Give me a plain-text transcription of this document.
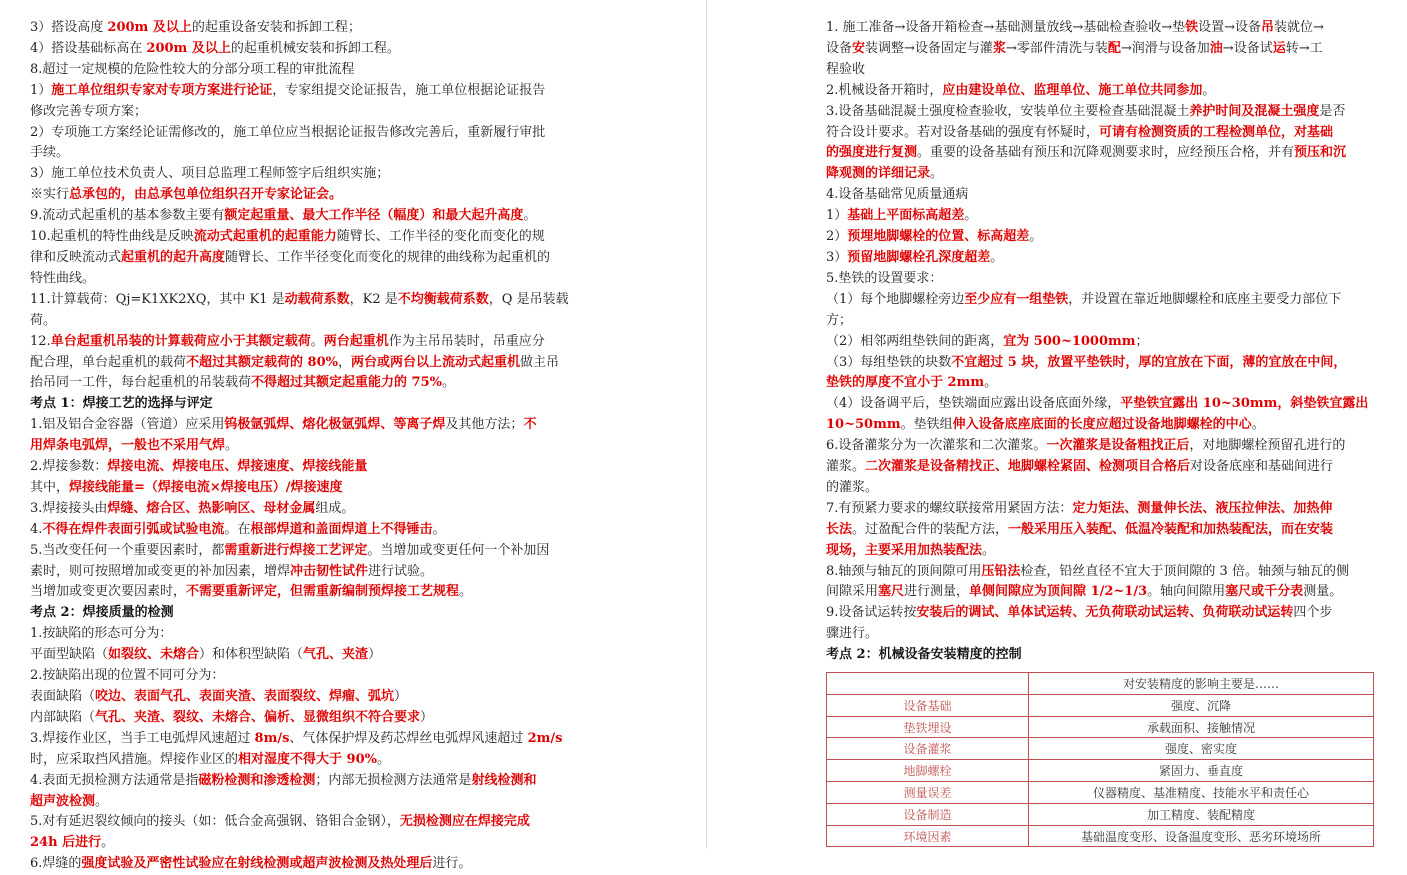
3）搭设高度 200m 及以上的起重设备安装和拆卸工程；
4）搭设基础标高在 200m 及以上的起重机械安装和拆卸工程。
8.超过一定规模的危险性较大的分部分项工程的审批流程
1）施工单位组织专家对专项方案进行论证，专家组提交论证报告，施工单位根据论证报告
修改完善专项方案；
2）专项施工方案经论证需修改的，施工单位应当根据论证报告修改完善后，重新履行审批
手续。
3）施工单位技术负责人、项目总监理工程师签字后组织实施；
※实行总承包的，由总承包单位组织召开专家论证会。
9.流动式起重机的基本参数主要有额定起重量、最大工作半径（幅度）和最大起升高度。
10.起重机的特性曲线是反映流动式起重机的起重能力随臂长、工作半径的变化而变化的规
律和反映流动式起重机的起升高度随臂长、工作半径变化而变化的规律的曲线称为起重机的
特性曲线。
11.计算载荷：Qj=K1XK2XQ，其中 K1 是动载荷系数，K2 是不均衡载荷系数，Q 是吊装载荷。
12.单台起重机吊装的计算载荷应小于其额定载荷。两台起重机作为主吊吊装时，吊重应分
配合理，单台起重机的载荷不超过其额定载荷的 80%，两台或两台以上流动式起重机做主吊
抬吊同一工件，每台起重机的吊装载荷不得超过其额定起重能力的 75%。
考点 1：焊接工艺的选择与评定
1.铝及铝合金容器（管道）应采用钨极氩弧焊、熔化极氩弧焊、等离子焊及其他方法；不
用焊条电弧焊，一般也不采用气焊。
2.焊接参数：焊接电流、焊接电压、焊接速度、焊接线能量
其中，焊接线能量=（焊接电流×焊接电压）/焊接速度
3.焊接接头由焊缝、熔合区、热影响区、母材金属组成。
4.不得在焊件表面引弧或试验电流。在根部焊道和盖面焊道上不得锤击。
5.当改变任何一个重要因素时，都需重新进行焊接工艺评定。当增加或变更任何一个补加因
素时，则可按照增加或变更的补加因素，增焊冲击韧性试件进行试验。
当增加或变更次要因素时，不需要重新评定，但需重新编制预焊接工艺规程。
考点 2：焊接质量的检测
1.按缺陷的形态可分为：
平面型缺陷（如裂纹、未熔合）和体积型缺陷（气孔、夹渣）
2.按缺陷出现的位置不同可分为：
表面缺陷（咬边、表面气孔、表面夹渣、表面裂纹、焊瘤、弧坑）
内部缺陷（气孔、夹渣、裂纹、未熔合、偏析、显微组织不符合要求）
3.焊接作业区，当手工电弧焊风速超过 8m/s、气体保护焊及药芯焊丝电弧焊风速超过 2m/s
时，应采取挡风措施。焊接作业区的相对湿度不得大于 90%。
4.表面无损检测方法通常是指磁粉检测和渗透检测；内部无损检测方法通常是射线检测和
超声波检测。
5.对有延迟裂纹倾向的接头（如：低合金高强钢、铬钼合金钢），无损检测应在焊接完成
24h 后进行。
6.焊缝的强度试验及严密性试验应在射线检测或超声波检测及热处理后进行。
1. 施工准备→设备开箱检查→基础测量放线→基础检查验收→垫铁设置→设备吊装就位→
设备安装调整→设备固定与灌浆→零部件清洗与装配→润滑与设备加油→设备试运转→工
程验收
2.机械设备开箱时，应由建设单位、监理单位、施工单位共同参加。
3.设备基础混凝土强度检查验收，安装单位主要检查基础混凝土养护时间及混凝土强度是否
符合设计要求。若对设备基础的强度有怀疑时，可请有检测资质的工程检测单位，对基础
的强度进行复测。重要的设备基础有预压和沉降观测要求时，应经预压合格，并有预压和沉
降观测的详细记录。
4.设备基础常见质量通病
1）基础上平面标高超差。
2）预埋地脚螺栓的位置、标高超差。
3）预留地脚螺栓孔深度超差。
5.垫铁的设置要求：
（1）每个地脚螺栓旁边至少应有一组垫铁，并设置在靠近地脚螺栓和底座主要受力部位下
方；
（2）相邻两组垫铁间的距离，宜为 500~1000mm；
（3）每组垫铁的块数不宜超过 5 块，放置平垫铁时，厚的宜放在下面，薄的宜放在中间，
垫铁的厚度不宜小于 2mm。
（4）设备调平后，垫铁端面应露出设备底面外缘，平垫铁宜露出 10~30mm，斜垫铁宜露出
10~50mm。垫铁组伸入设备底座底面的长度应超过设备地脚螺栓的中心。
6.设备灌浆分为一次灌浆和二次灌浆。一次灌浆是设备粗找正后，对地脚螺栓预留孔进行的
灌浆。二次灌浆是设备精找正、地脚螺栓紧固、检测项目合格后对设备底座和基础间进行
的灌浆。
7.有预紧力要求的螺纹联接常用紧固方法：定力矩法、测量伸长法、液压拉伸法、加热伸
长法。过盈配合件的装配方法，一般采用压入装配、低温冷装配和加热装配法，而在安装
现场，主要采用加热装配法。
8.轴颈与轴瓦的顶间隙可用压铅法检查，铅丝直径不宜大于顶间隙的 3 倍。轴颈与轴瓦的侧
间隙采用塞尺进行测量，单侧间隙应为顶间隙 1/2~1/3。轴向间隙用塞尺或千分表测量。
9.设备试运转按安装后的调试、单体试运转、无负荷联动试运转、负荷联动试运转四个步
骤进行。
考点 2：机械设备安装精度的控制
	对安装精度的影响主要是……
设备基础	强度、沉降
垫铁埋设	承载面积、接触情况
设备灌浆	强度、密实度
地脚螺栓	紧固力、垂直度
测量误差	仪器精度、基准精度、技能水平和责任心
设备制造	加工精度、装配精度
环境因素	基础温度变形、设备温度变形、恶劣环境场所
